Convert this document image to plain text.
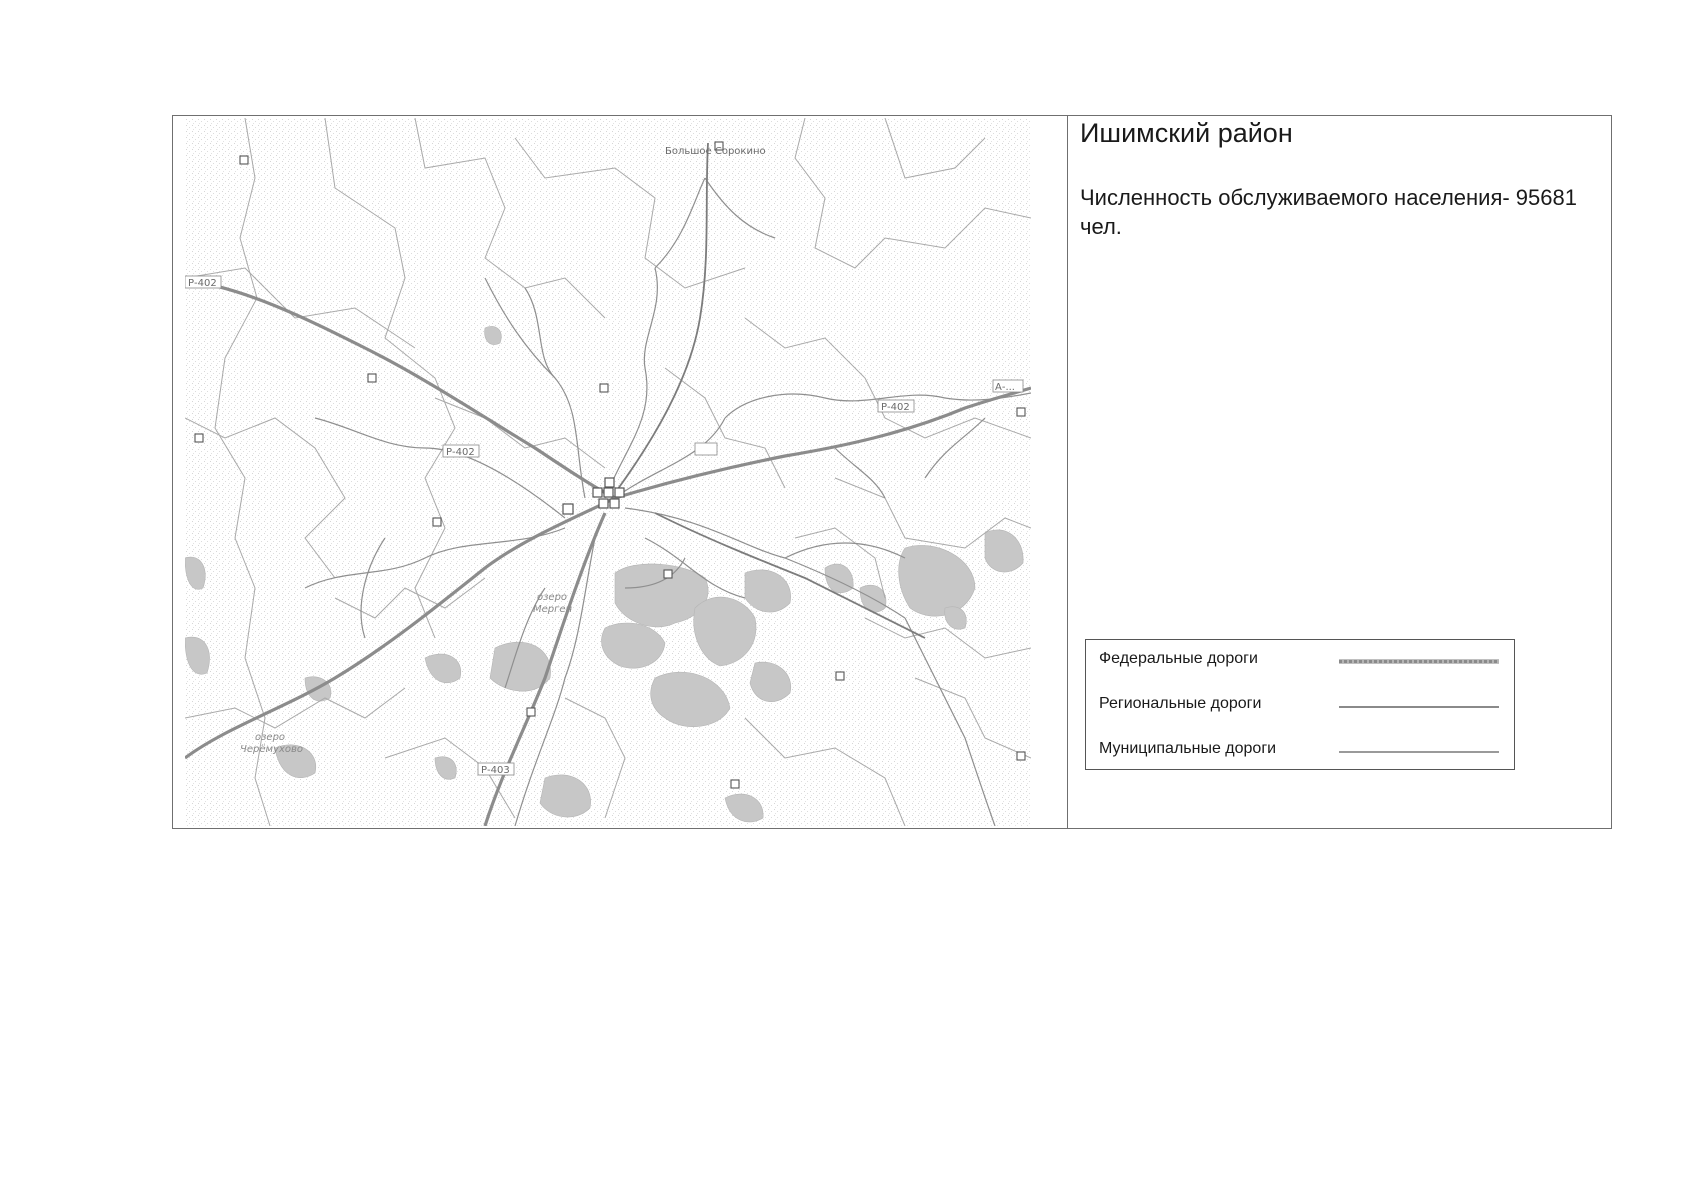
Р-402
Р-402
Р-402
Р-403
А-...
Большое Сорокино
озеро
Мерген
озеро
Черёмухово
Ишимский район
Численность обслуживаемого населения- 95681 чел.
Федеральные дороги
Региональные дороги
Муниципальные дороги
